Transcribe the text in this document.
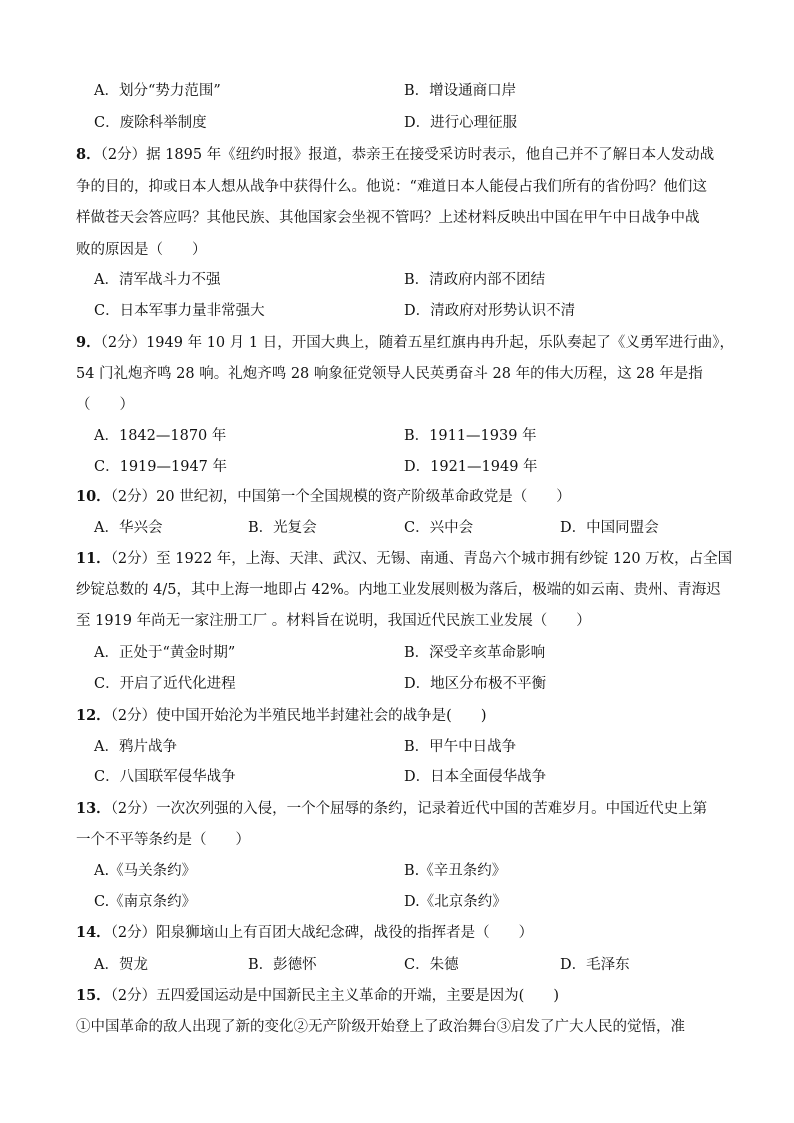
A．划分“势力范围”	B．增设通商口岸
C．废除科举制度	D．进行心理征服
8．（2分）据 1895 年《纽约时报》报道，恭亲王在接受采访时表示，他自己并不了解日本人发动战
争的目的，抑或日本人想从战争中获得什么。他说：“难道日本人能侵占我们所有的省份吗？他们这
样做苍天会答应吗？其他民族、其他国家会坐视不管吗？上述材料反映出中国在甲午中日战争中战
败的原因是（　　）
A．清军战斗力不强	B．清政府内部不团结
C．日本军事力量非常强大	D．清政府对形势认识不清
9．（2分）1949 年 10 月 1 日，开国大典上，随着五星红旗冉冉升起，乐队奏起了《义勇军进行曲》，
54 门礼炮齐鸣 28 响。礼炮齐鸣 28 响象征党领导人民英勇奋斗 28 年的伟大历程，这 28 年是指
（　　）
A．1842—1870 年	B．1911—1939 年
C．1919—1947 年	D．1921—1949 年
10．（2分）20 世纪初，中国第一个全国规模的资产阶级革命政党是（　　）
A．华兴会	B．光复会	C．兴中会	D．中国同盟会
11．（2分）至 1922 年，上海、天津、武汉、无锡、南通、青岛六个城市拥有纱锭 120 万枚，占全国
纱锭总数的 4/5，其中上海一地即占 42%。内地工业发展则极为落后，极端的如云南、贵州、青海迟
至 1919 年尚无一家注册工厂 。材料旨在说明，我国近代民族工业发展（　　）
A．正处于“黄金时期”	B．深受辛亥革命影响
C．开启了近代化进程	D．地区分布极不平衡
12．（2分）使中国开始沦为半殖民地半封建社会的战争是(　　)
A．鸦片战争	B．甲午中日战争
C．八国联军侵华战争	D．日本全面侵华战争
13．（2分）一次次列强的入侵，一个个屈辱的条约，记录着近代中国的苦难岁月。中国近代史上第
一个不平等条约是（　　）
A.《马关条约》	B.《辛丑条约》
C.《南京条约》	D.《北京条约》
14．（2分）阳泉狮垴山上有百团大战纪念碑，战役的指挥者是（　　）
A．贺龙	B．彭德怀	C．朱德	D．毛泽东
15．（2分）五四爱国运动是中国新民主主义革命的开端，主要是因为(　　)
①中国革命的敌人出现了新的变化②无产阶级开始登上了政治舞台③启发了广大人民的觉悟，准
